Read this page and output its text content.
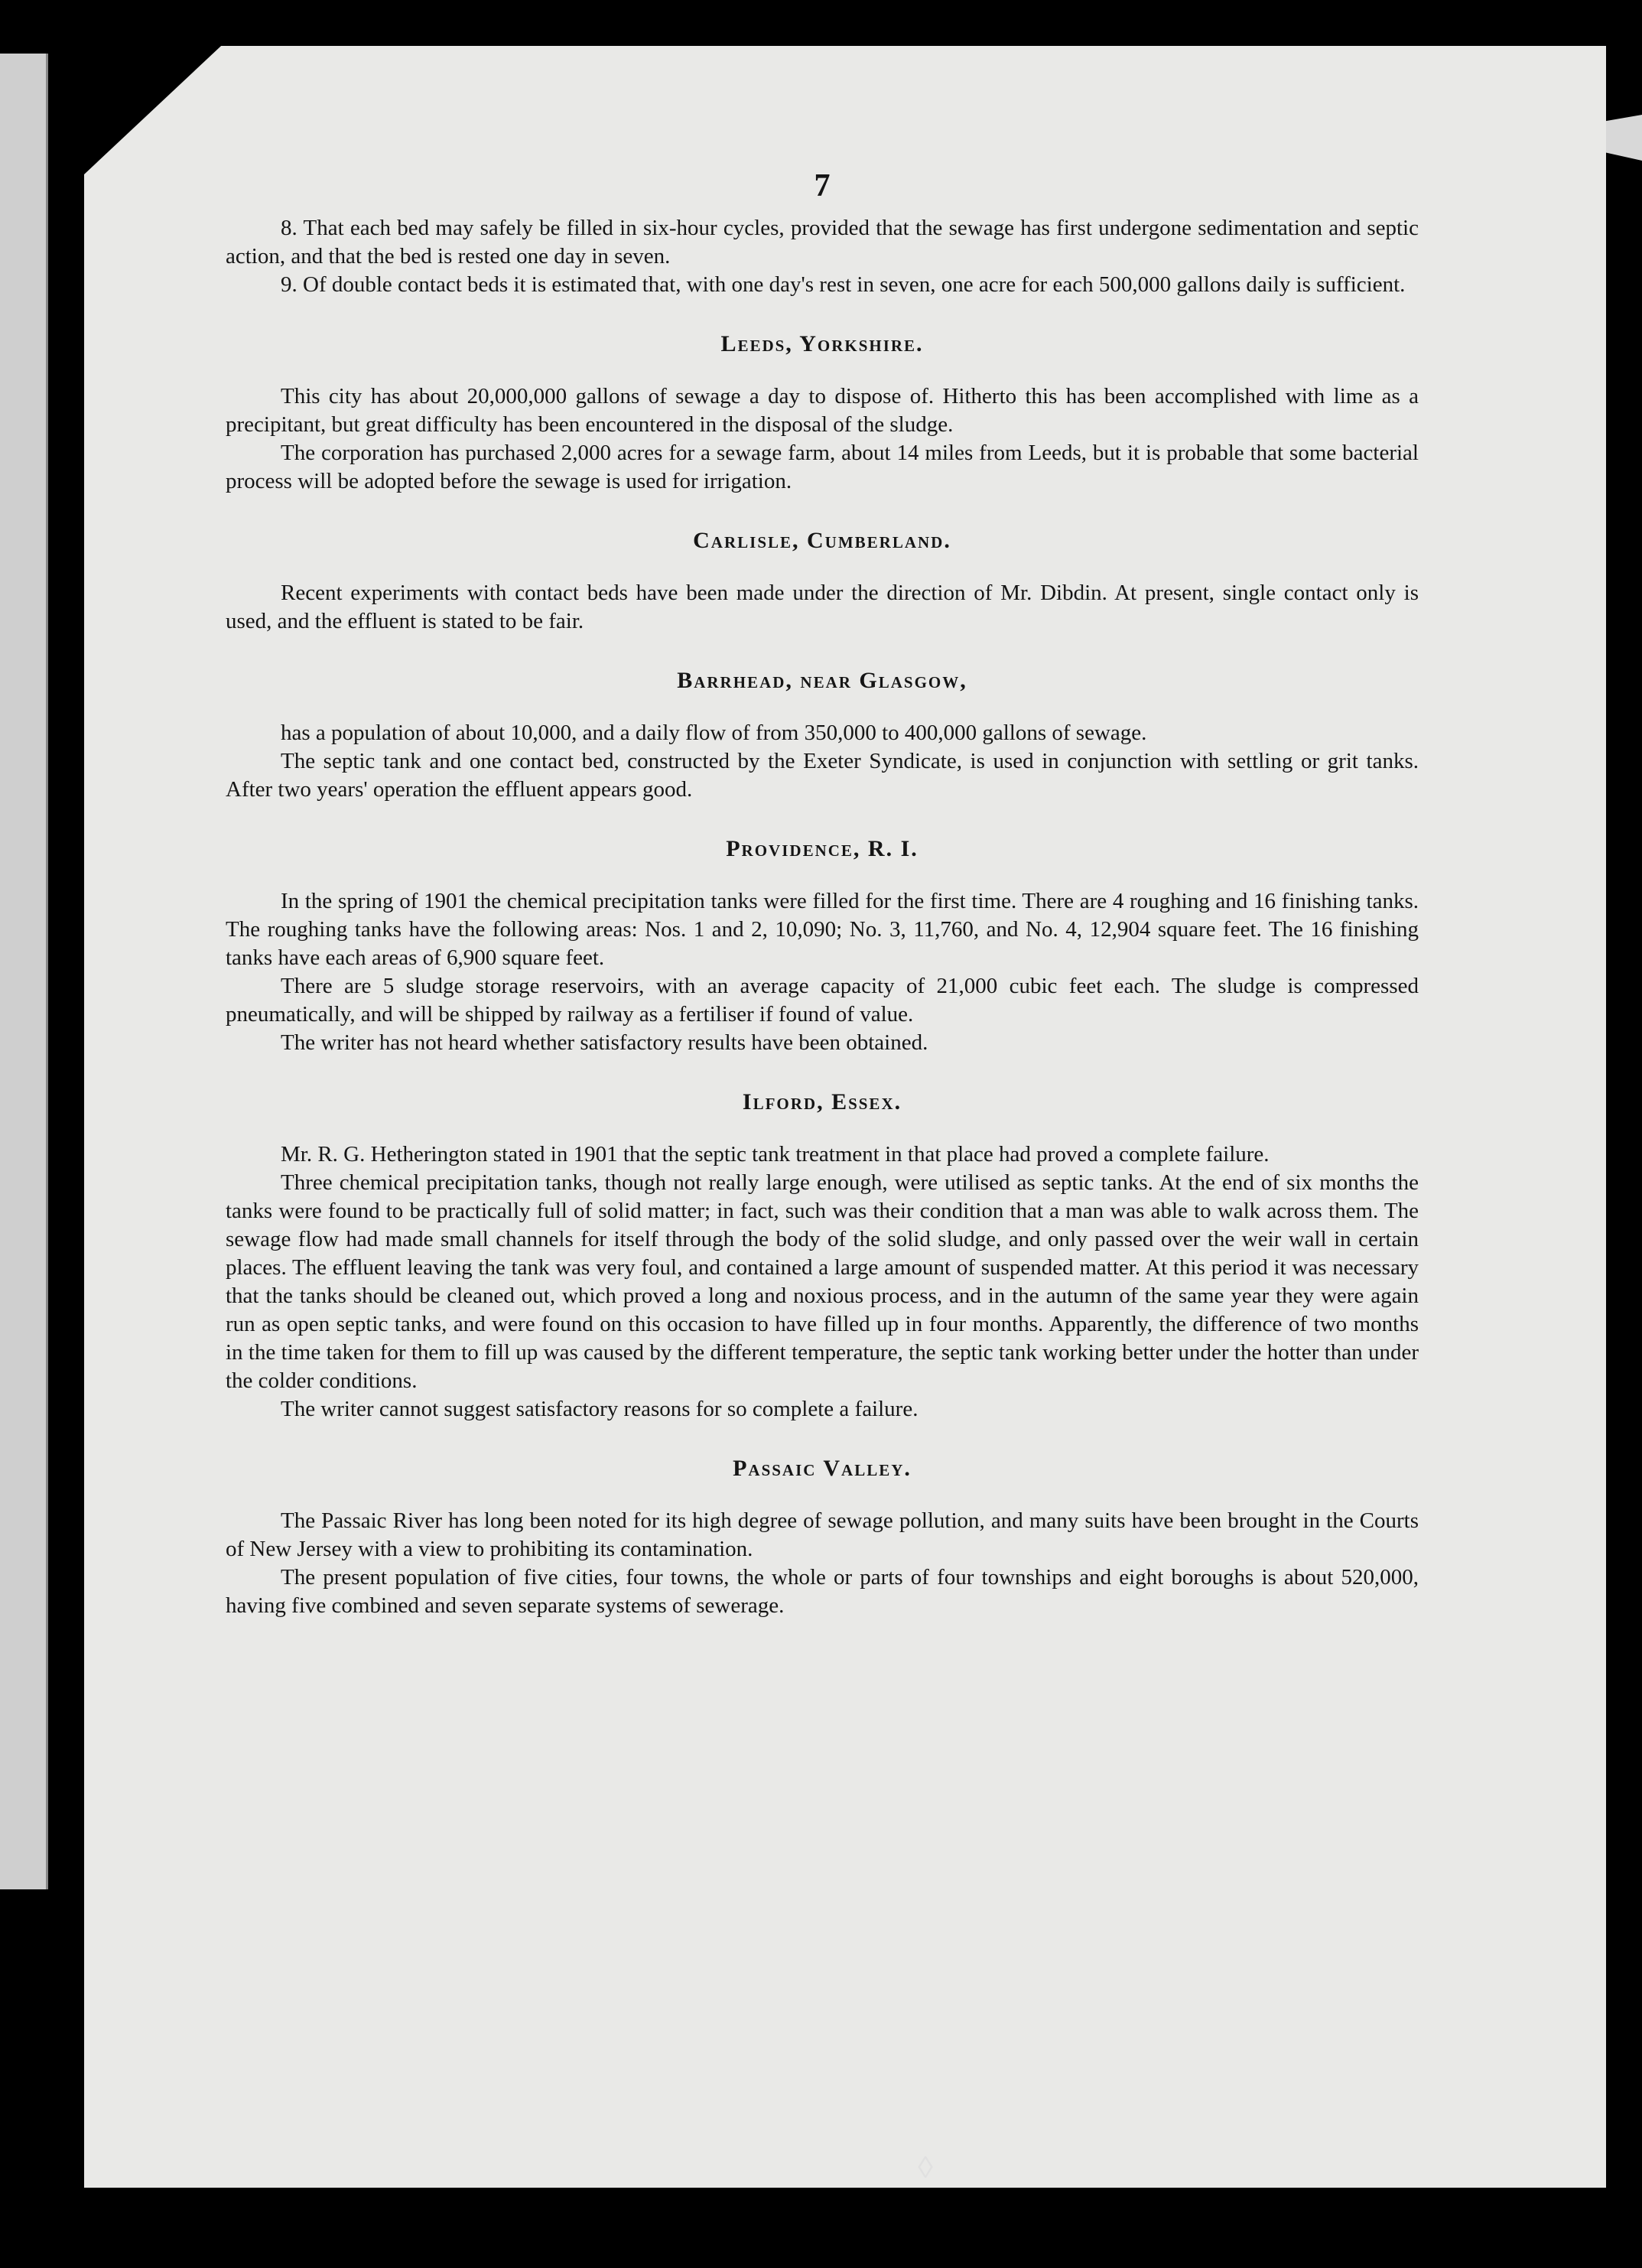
7

8. That each bed may safely be filled in six-hour cycles, provided that the sewage has first undergone sedimentation and septic action, and that the bed is rested one day in seven.

9. Of double contact beds it is estimated that, with one day's rest in seven, one acre for each 500,000 gallons daily is sufficient.

Leeds, Yorkshire.

This city has about 20,000,000 gallons of sewage a day to dispose of. Hitherto this has been accomplished with lime as a precipitant, but great difficulty has been encountered in the disposal of the sludge.

The corporation has purchased 2,000 acres for a sewage farm, about 14 miles from Leeds, but it is probable that some bacterial process will be adopted before the sewage is used for irrigation.

Carlisle, Cumberland.

Recent experiments with contact beds have been made under the direction of Mr. Dibdin. At present, single contact only is used, and the effluent is stated to be fair.

Barrhead, near Glasgow,

has a population of about 10,000, and a daily flow of from 350,000 to 400,000 gallons of sewage.

The septic tank and one contact bed, constructed by the Exeter Syndicate, is used in conjunction with settling or grit tanks. After two years' operation the effluent appears good.

Providence, R. I.

In the spring of 1901 the chemical precipitation tanks were filled for the first time. There are 4 roughing and 16 finishing tanks. The roughing tanks have the following areas: Nos. 1 and 2, 10,090; No. 3, 11,760, and No. 4, 12,904 square feet. The 16 finishing tanks have each areas of 6,900 square feet.

There are 5 sludge storage reservoirs, with an average capacity of 21,000 cubic feet each. The sludge is compressed pneumatically, and will be shipped by railway as a fertiliser if found of value.

The writer has not heard whether satisfactory results have been obtained.

Ilford, Essex.

Mr. R. G. Hetherington stated in 1901 that the septic tank treatment in that place had proved a complete failure.

Three chemical precipitation tanks, though not really large enough, were utilised as septic tanks. At the end of six months the tanks were found to be practically full of solid matter; in fact, such was their condition that a man was able to walk across them. The sewage flow had made small channels for itself through the body of the solid sludge, and only passed over the weir wall in certain places. The effluent leaving the tank was very foul, and contained a large amount of suspended matter. At this period it was necessary that the tanks should be cleaned out, which proved a long and noxious process, and in the autumn of the same year they were again run as open septic tanks, and were found on this occasion to have filled up in four months. Apparently, the difference of two months in the time taken for them to fill up was caused by the different temperature, the septic tank working better under the hotter than under the colder conditions.

The writer cannot suggest satisfactory reasons for so complete a failure.

Passaic Valley.

The Passaic River has long been noted for its high degree of sewage pollution, and many suits have been brought in the Courts of New Jersey with a view to prohibiting its contamination.

The present population of five cities, four towns, the whole or parts of four townships and eight boroughs is about 520,000, having five combined and seven separate systems of sewerage.

◊
